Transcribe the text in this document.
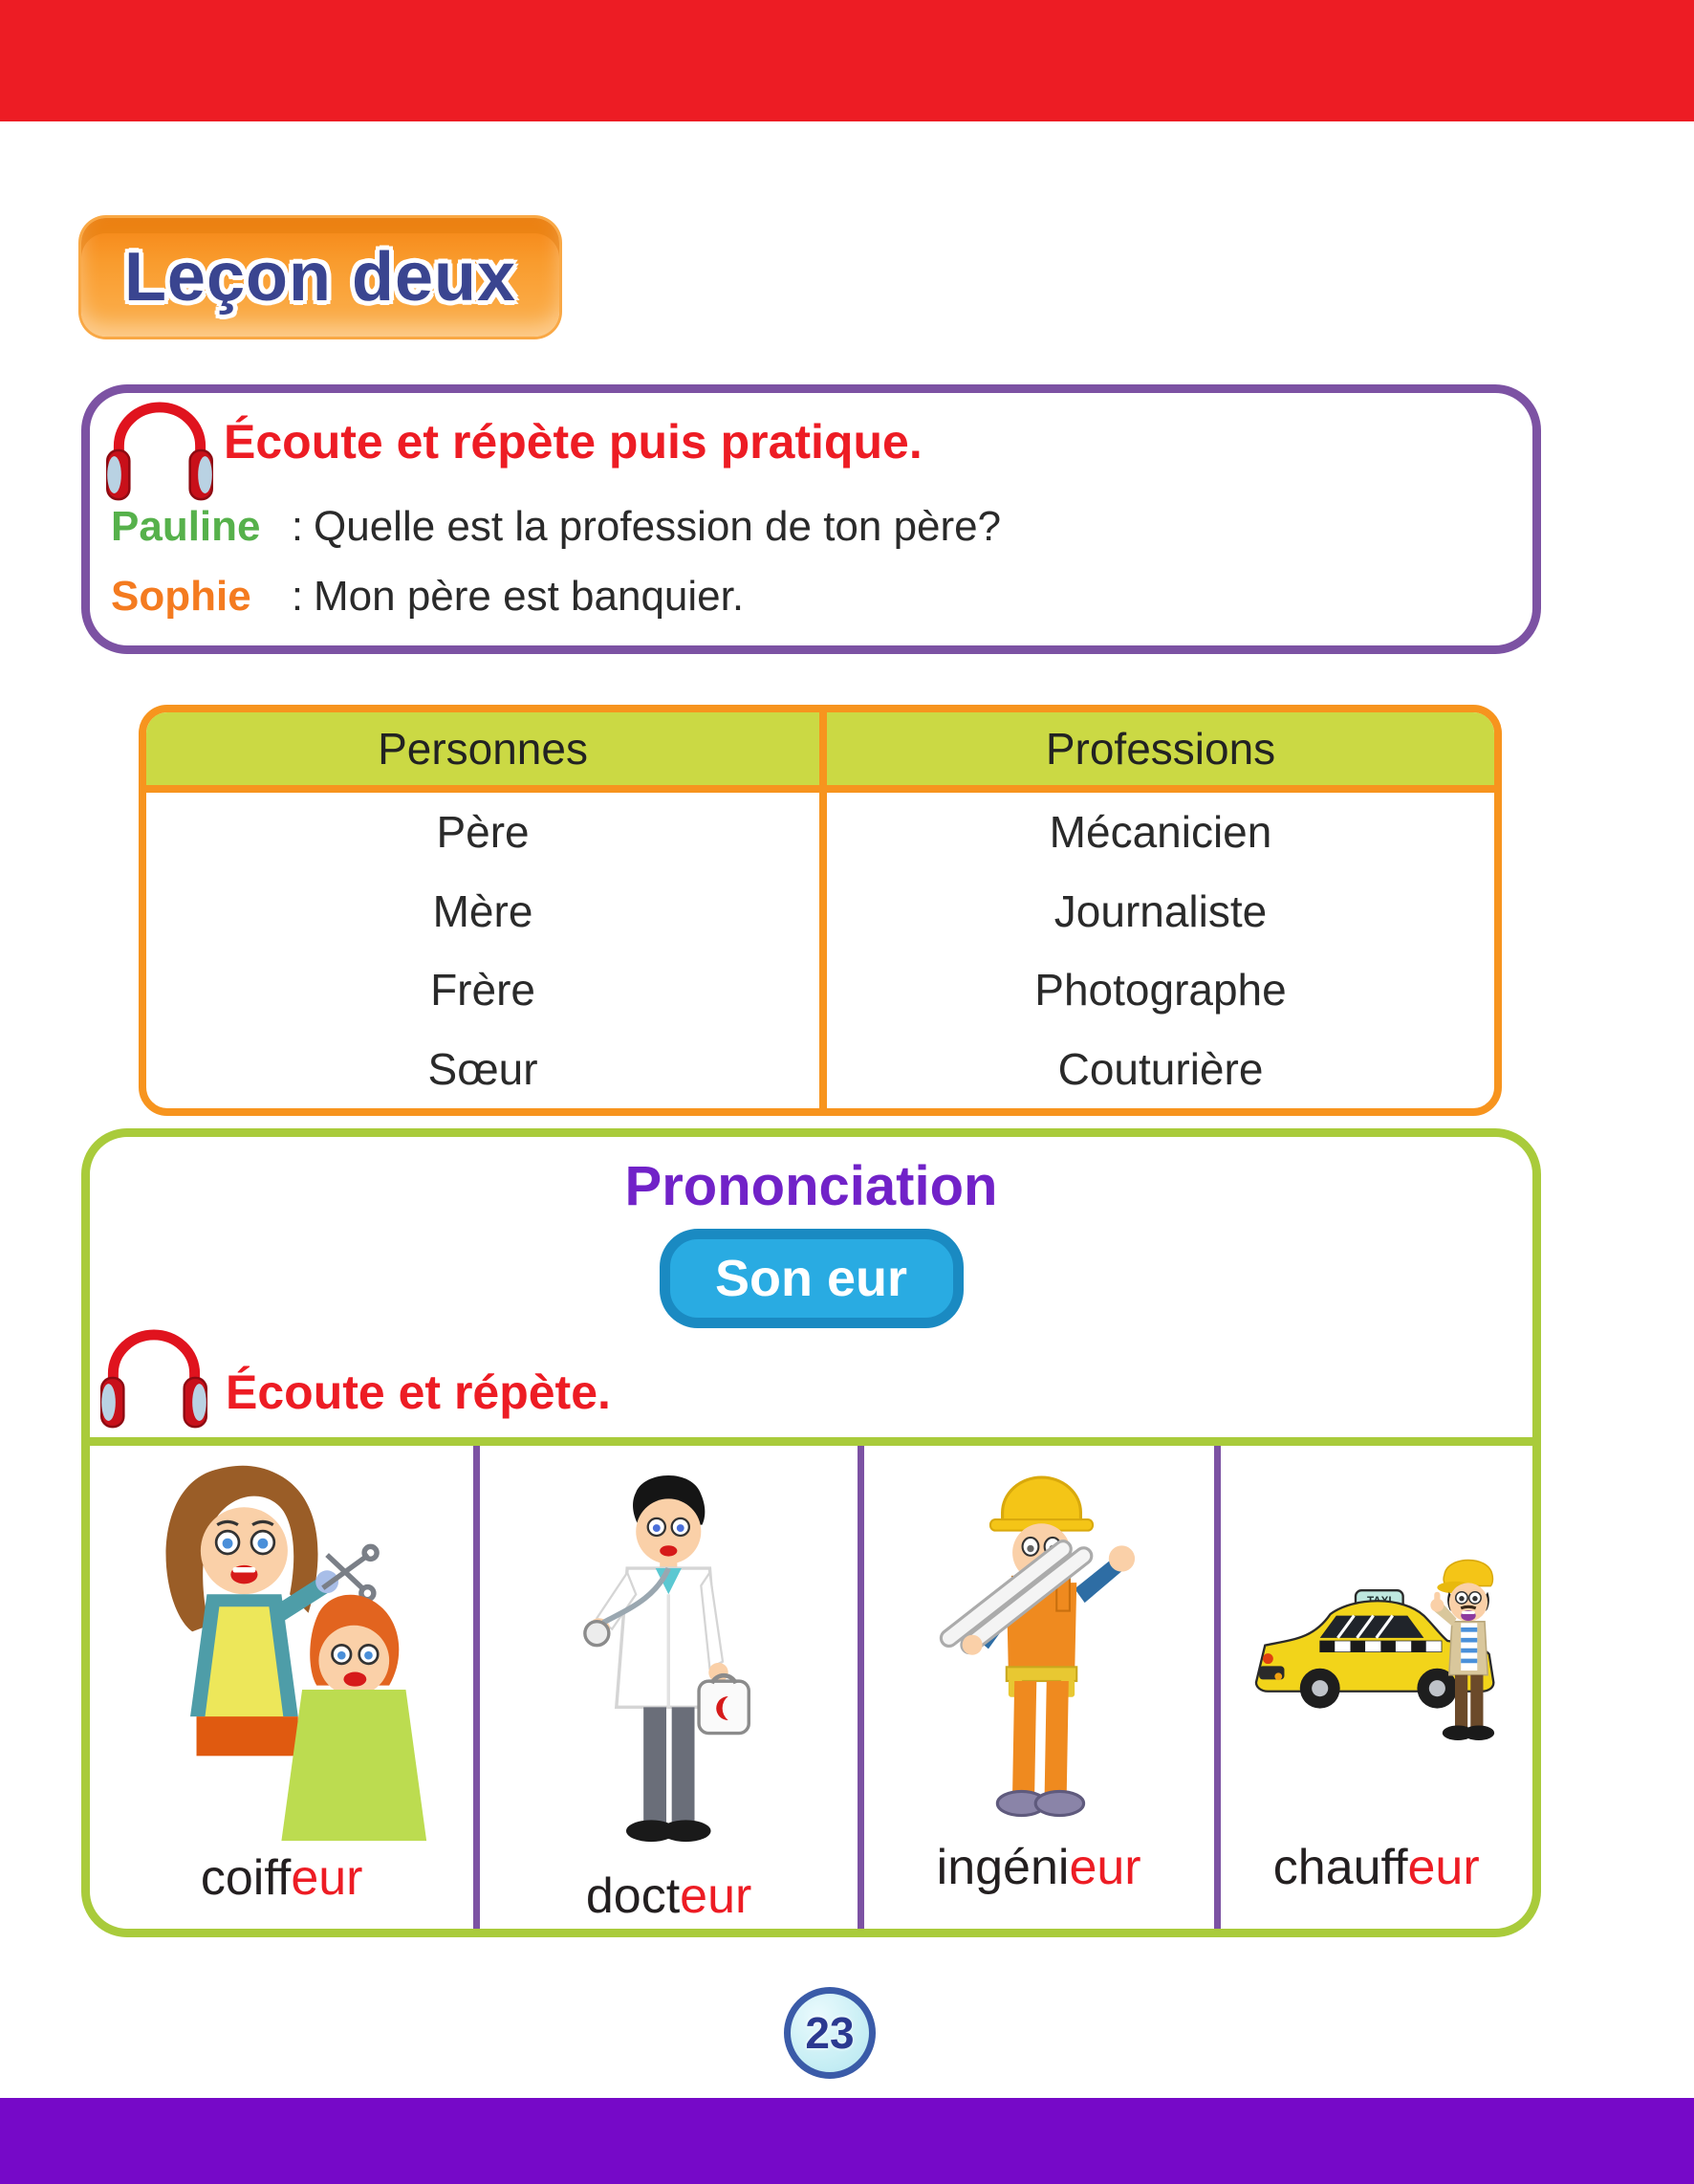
Leçon deux
Écoute et répète puis pratique.
Pauline : Quelle est la profession de ton père?
Sophie : Mon père est banquier.
Personnes	Professions
Père	Mécanicien
Mère	Journaliste
Frère	Photographe
Sœur	Couturière
Prononciation
Son eur
Écoute et répète.
coiff eur	doct eur
ingéni eur	chauff eur
23
